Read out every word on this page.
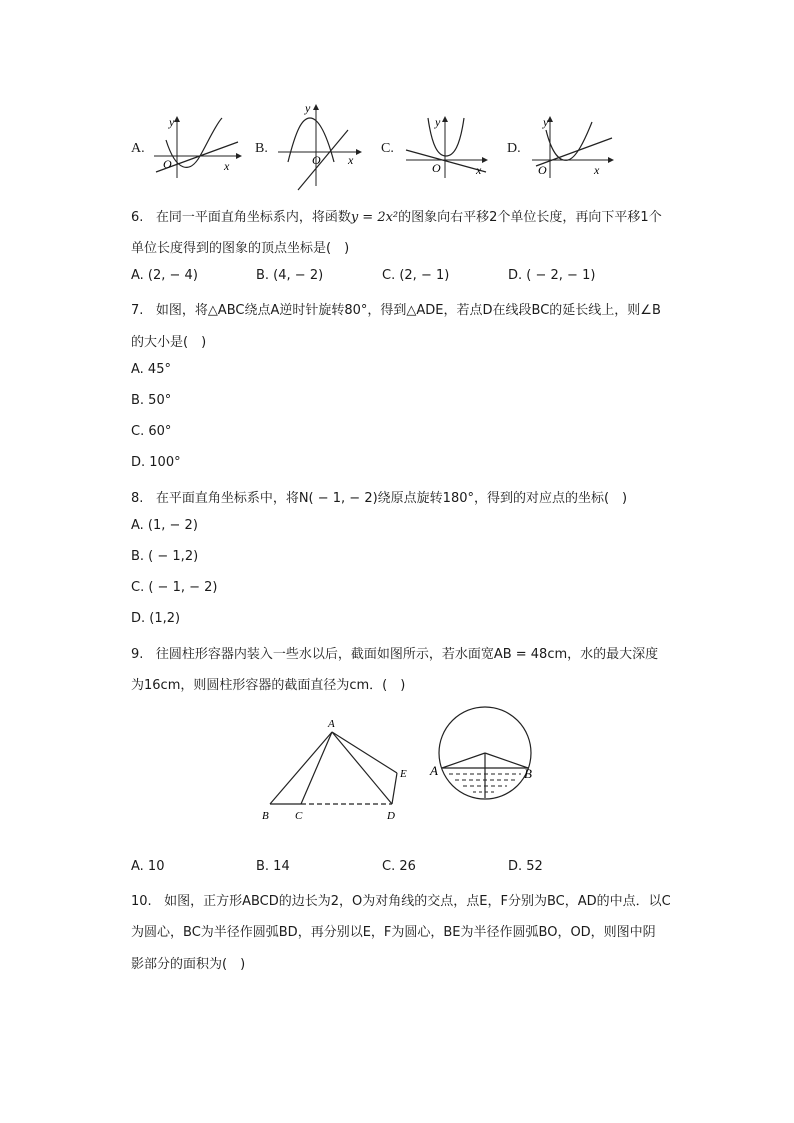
A.
y
O	x
B.
y
O x
C.
y
O	x
D.
y
O	x
6. 在同一平面直角坐标系内，将函数y = 2x²的图象向右平移2个单位长度，再向下平移1个
单位长度得到的图象的顶点坐标是(　)
A. (2, − 4)	B. (4, − 2)	C. (2, − 1)	D. ( − 2, − 1)
7. 如图，将△ABC绕点A逆时针旋转80°，得到△ADE，若点D在线段BC的延长线上，则∠B
的大小是(　)
A. 45°
B. 50°
C. 60°
D. 100°
8. 在平面直角坐标系中，将N( − 1, − 2)绕原点旋转180°，得到的对应点的坐标(　)
A. (1, − 2)
B. ( − 1,2)
C. ( − 1, − 2)
D. (1,2)
9. 往圆柱形容器内装入一些水以后，截面如图所示，若水面宽AB = 48cm，水的最大深度
为16cm，则圆柱形容器的截面直径为cm．(　)
A
B C	D
E A	B
A. 10	B. 14	C. 26	D. 52
10. 如图，正方形ABCD的边长为2，O为对角线的交点，点E，F分别为BC，AD的中点．以C
为圆心，BC为半径作圆弧BD，再分别以E，F为圆心，BE为半径作圆弧BO，OD，则图中阴
影部分的面积为(　)
